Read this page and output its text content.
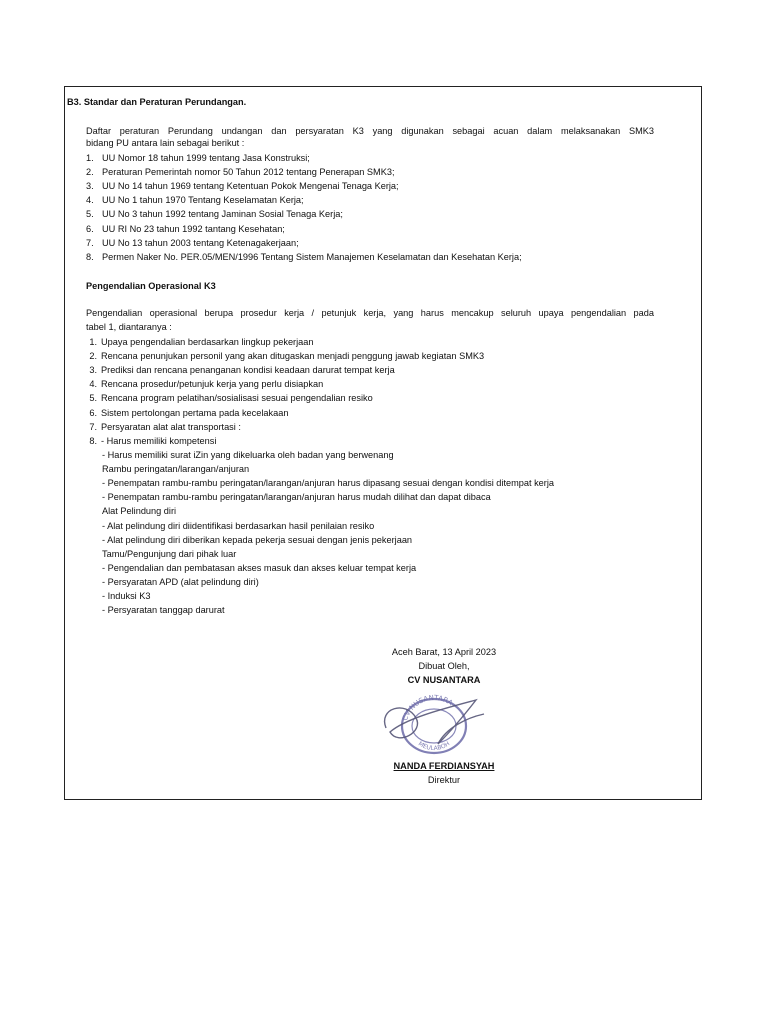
B3. Standar dan Peraturan Perundangan.
Daftar peraturan Perundang undangan dan persyaratan K3 yang digunakan sebagai acuan dalam melaksanakan SMK3
bidang PU antara lain sebagai berikut :
1. UU Nomor 18 tahun 1999 tentang Jasa Konstruksi;
2. Peraturan Pemerintah nomor 50 Tahun 2012 tentang Penerapan SMK3;
3. UU No 14 tahun 1969 tentang Ketentuan Pokok Mengenai Tenaga Kerja;
4. UU No 1 tahun 1970 Tentang Keselamatan Kerja;
5. UU No 3 tahun 1992 tentang Jaminan Sosial Tenaga Kerja;
6. UU RI No 23 tahun 1992 tantang Kesehatan;
7. UU No 13 tahun 2003 tentang Ketenagakerjaan;
8. Permen Naker No. PER.05/MEN/1996 Tentang Sistem Manajemen Keselamatan dan Kesehatan Kerja;
Pengendalian Operasional K3
Pengendalian operasional berupa prosedur kerja / petunjuk kerja, yang harus mencakup seluruh upaya pengendalian pada
tabel 1, diantaranya :
1. Upaya pengendalian berdasarkan lingkup pekerjaan
2. Rencana penunjukan personil yang akan ditugaskan menjadi penggung jawab kegiatan SMK3
3. Prediksi dan rencana penanganan kondisi keadaan darurat tempat kerja
4. Rencana prosedur/petunjuk kerja yang perlu disiapkan
5. Rencana program pelatihan/sosialisasi sesuai pengendalian resiko
6. Sistem pertolongan pertama pada kecelakaan
7. Persyaratan alat alat transportasi :
8. - Harus memiliki kompetensi
- Harus memiliki surat iZin yang dikeluarka oleh badan yang berwenang
Rambu peringatan/larangan/anjuran
- Penempatan rambu-rambu peringatan/larangan/anjuran harus dipasang sesuai dengan kondisi ditempat kerja
- Penempatan rambu-rambu peringatan/larangan/anjuran harus mudah dilihat dan dapat dibaca
Alat Pelindung diri
- Alat pelindung diri diidentifikasi berdasarkan hasil penilaian resiko
- Alat pelindung diri diberikan kepada pekerja sesuai dengan jenis pekerjaan
Tamu/Pengunjung dari pihak luar
- Pengendalian dan pembatasan akses masuk dan akses keluar tempat kerja
- Persyaratan APD (alat pelindung diri)
- Induksi K3
- Persyaratan tanggap darurat
Aceh Barat, 13 April 2023
Dibuat Oleh,
CV NUSANTARA
CV NUSANTARA
MEULABOH
NANDA FERDIANSYAH
Direktur
